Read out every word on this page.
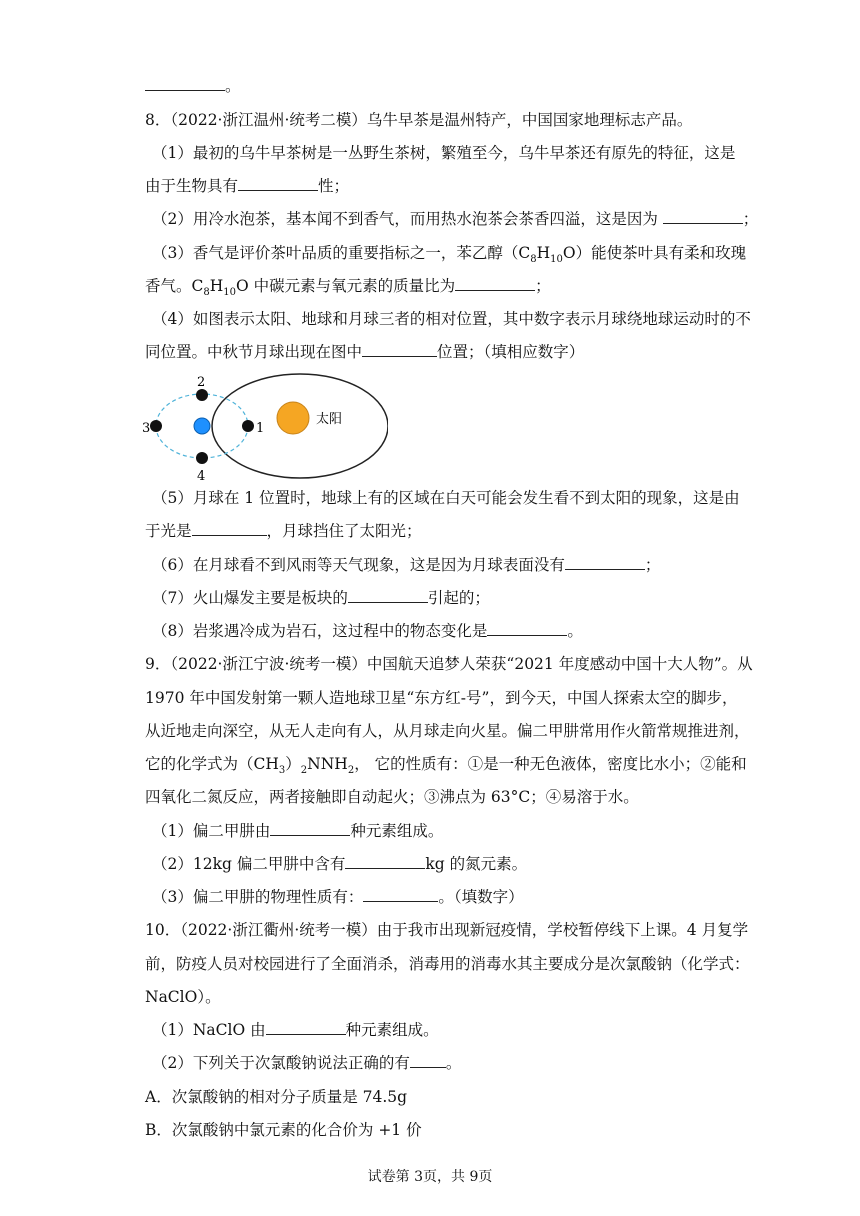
。
8．（2022·浙江温州·统考二模）乌牛早茶是温州特产，中国国家地理标志产品。
（1）最初的乌牛早茶树是一丛野生茶树，繁殖至今，乌牛早茶还有原先的特征，这是
由于生物具有	性；
（2）用冷水泡茶，基本闻不到香气，而用热水泡茶会茶香四溢，这是因为	；
（3）香气是评价茶叶品质的重要指标之一，苯乙醇$(C_8H_{10}O)$能使茶叶具有柔和玫瑰
香气。$C_8H_{10}O$ 中碳元素与氧元素的质量比为	；
（4）如图表示太阳、地球和月球三者的相对位置，其中数字表示月球绕地球运动时的不
同位置。中秋节月球出现在图中	位置；（填相应数字）
太阳
1
2
3
4
（5）月球在 1 位置时，地球上有的区域在白天可能会发生看不到太阳的现象，这是由
于光是	，月球挡住了太阳光；
（6）在月球看不到风雨等天气现象，这是因为月球表面没有	；
（7）火山爆发主要是板块的	引起的；
（8）岩浆遇冷成为岩石，这过程中的物态变化是	。
9．（2022·浙江宁波·统考一模）中国航天追梦人荣获“2021 年度感动中国十大人物”。从
1970 年中国发射第一颗人造地球卫星“东方红-号”，到今天，中国人探索太空的脚步，
从近地走向深空，从无人走向有人，从月球走向火星。偏二甲肼常用作火箭常规推进剂，
它的化学式为$(CH_3)_2NNH_2$， 它的性质有：①是一种无色液体，密度比水小；②能和
四氧化二氮反应，两者接触即自动起火；③沸点为 63°C；④易溶于水。
（1）偏二甲肼由	种元素组成。
（2）12kg 偏二甲肼中含有	kg 的氮元素。
（3）偏二甲肼的物理性质有：	。（填数字）
10．（2022·浙江衢州·统考一模）由于我市出现新冠疫情，学校暂停线下上课。4 月复学
前，防疫人员对校园进行了全面消杀，消毒用的消毒水其主要成分是次氯酸钠（化学式：
NaClO）。
（1）NaClO 由	种元素组成。
（2）下列关于次氯酸钠说法正确的有 。
A．次氯酸钠的相对分子质量是 74.5g
B．次氯酸钠中氯元素的化合价为 +1 价
试卷第 3页，共 9页
